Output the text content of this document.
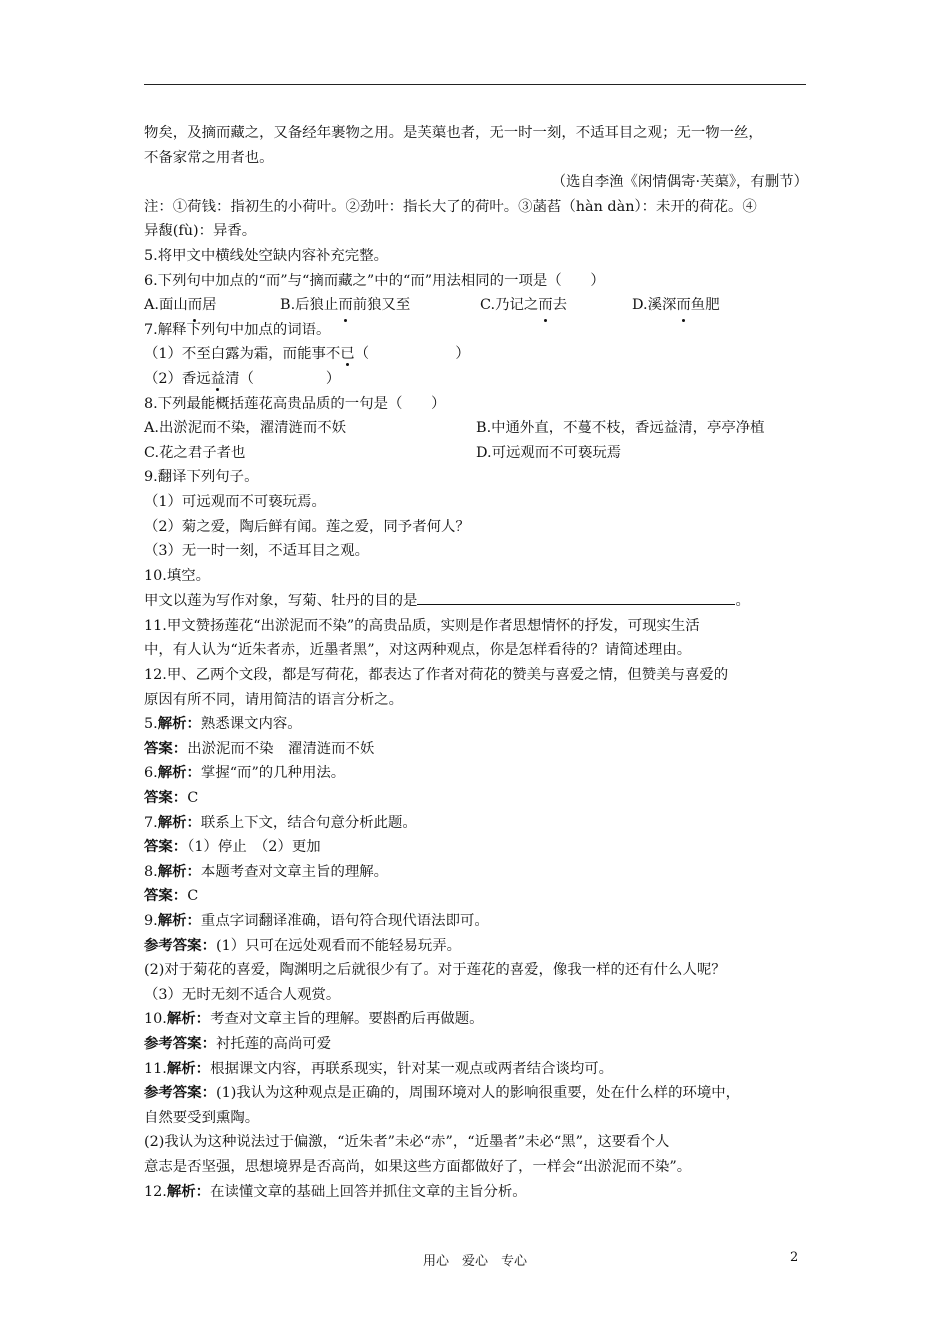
物矣，及摘而藏之，又备经年裹物之用。是芙蕖也者，无一时一刻，不适耳目之观；无一物一丝，

不备家常之用者也。

（选自李渔《闲情偶寄·芙蕖》，有删节）

注：①荷钱：指初生的小荷叶。②劲叶：指长大了的荷叶。③菡萏（hàn dàn）：未开的荷花。④

异馥(fù)：异香。

5.将甲文中横线处空缺内容补充完整。

6.下列句中加点的“而”与“摘而藏之”中的“而”用法相同的一项是（　　）

A.面山而居	B.后狼止而前狼又至	C.乃记之而去	D.溪深而鱼肥

7.解释下列句中加点的词语。

（1）不至白露为霜，而能事不已（　　　　　　）

（2）香远益清（　　　　　）

8.下列最能概括莲花高贵品质的一句是（　　）

A.出淤泥而不染，濯清涟而不妖	B.中通外直，不蔓不枝，香远益清，亭亭净植
C.花之君子者也	D.可远观而不可亵玩焉

9.翻译下列句子。

（1）可远观而不可亵玩焉。

（2）菊之爱，陶后鲜有闻。莲之爱，同予者何人？

（3）无一时一刻，不适耳目之观。

10.填空。

甲文以莲为写作对象，写菊、牡丹的目的是	。

11.甲文赞扬莲花“出淤泥而不染”的高贵品质，实则是作者思想情怀的抒发，可现实生活

中，有人认为“近朱者赤，近墨者黑”，对这两种观点，你是怎样看待的？请简述理由。

12.甲、乙两个文段，都是写荷花，都表达了作者对荷花的赞美与喜爱之情，但赞美与喜爱的

原因有所不同，请用简洁的语言分析之。

5.解析：熟悉课文内容。

答案：出淤泥而不染　濯清涟而不妖

6.解析：掌握“而”的几种用法。

答案：C

7.解析：联系上下文，结合句意分析此题。

答案：（1）停止　（2）更加

8.解析：本题考查对文章主旨的理解。

答案：C

9.解析：重点字词翻译准确，语句符合现代语法即可。

参考答案：(1）只可在远处观看而不能轻易玩弄。

(2)对于菊花的喜爱，陶渊明之后就很少有了。对于莲花的喜爱，像我一样的还有什么人呢？

（3）无时无刻不适合人观赏。

10.解析：考查对文章主旨的理解。要斟酌后再做题。

参考答案：衬托莲的高尚可爱

11.解析：根据课文内容，再联系现实，针对某一观点或两者结合谈均可。

参考答案：(1)我认为这种观点是正确的，周围环境对人的影响很重要，处在什么样的环境中，

自然要受到熏陶。

(2)我认为这种说法过于偏激，“近朱者”未必“赤”，“近墨者”未必“黑”，这要看个人

意志是否坚强，思想境界是否高尚，如果这些方面都做好了，一样会“出淤泥而不染”。

12.解析：在读懂文章的基础上回答并抓住文章的主旨分析。

用心　爱心　专心	2
